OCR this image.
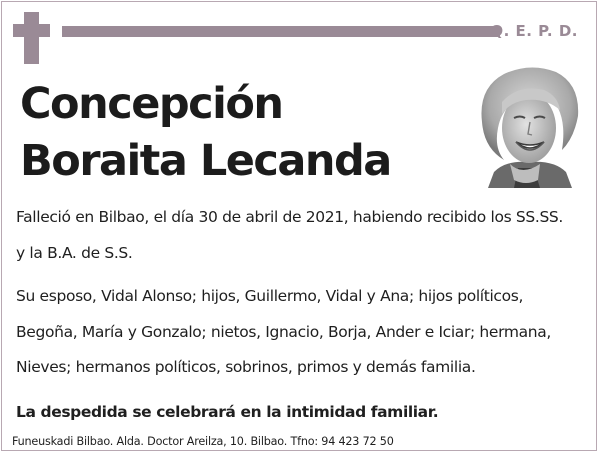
Q. E. P. D.
Concepción
Boraita Lecanda
Falleció en Bilbao, el día 30 de abril de 2021, habiendo recibido los SS.SS.
y la B.A. de S.S.
Su esposo, Vidal Alonso; hijos, Guillermo, Vidal y Ana; hijos políticos,
Begoña, María y Gonzalo; nietos, Ignacio, Borja, Ander e Iciar; hermana,
Nieves; hermanos políticos, sobrinos, primos y demás familia.
La despedida se celebrará en la intimidad familiar.
Funeuskadi Bilbao. Alda. Doctor Areilza, 10. Bilbao. Tfno: 94 423 72 50
